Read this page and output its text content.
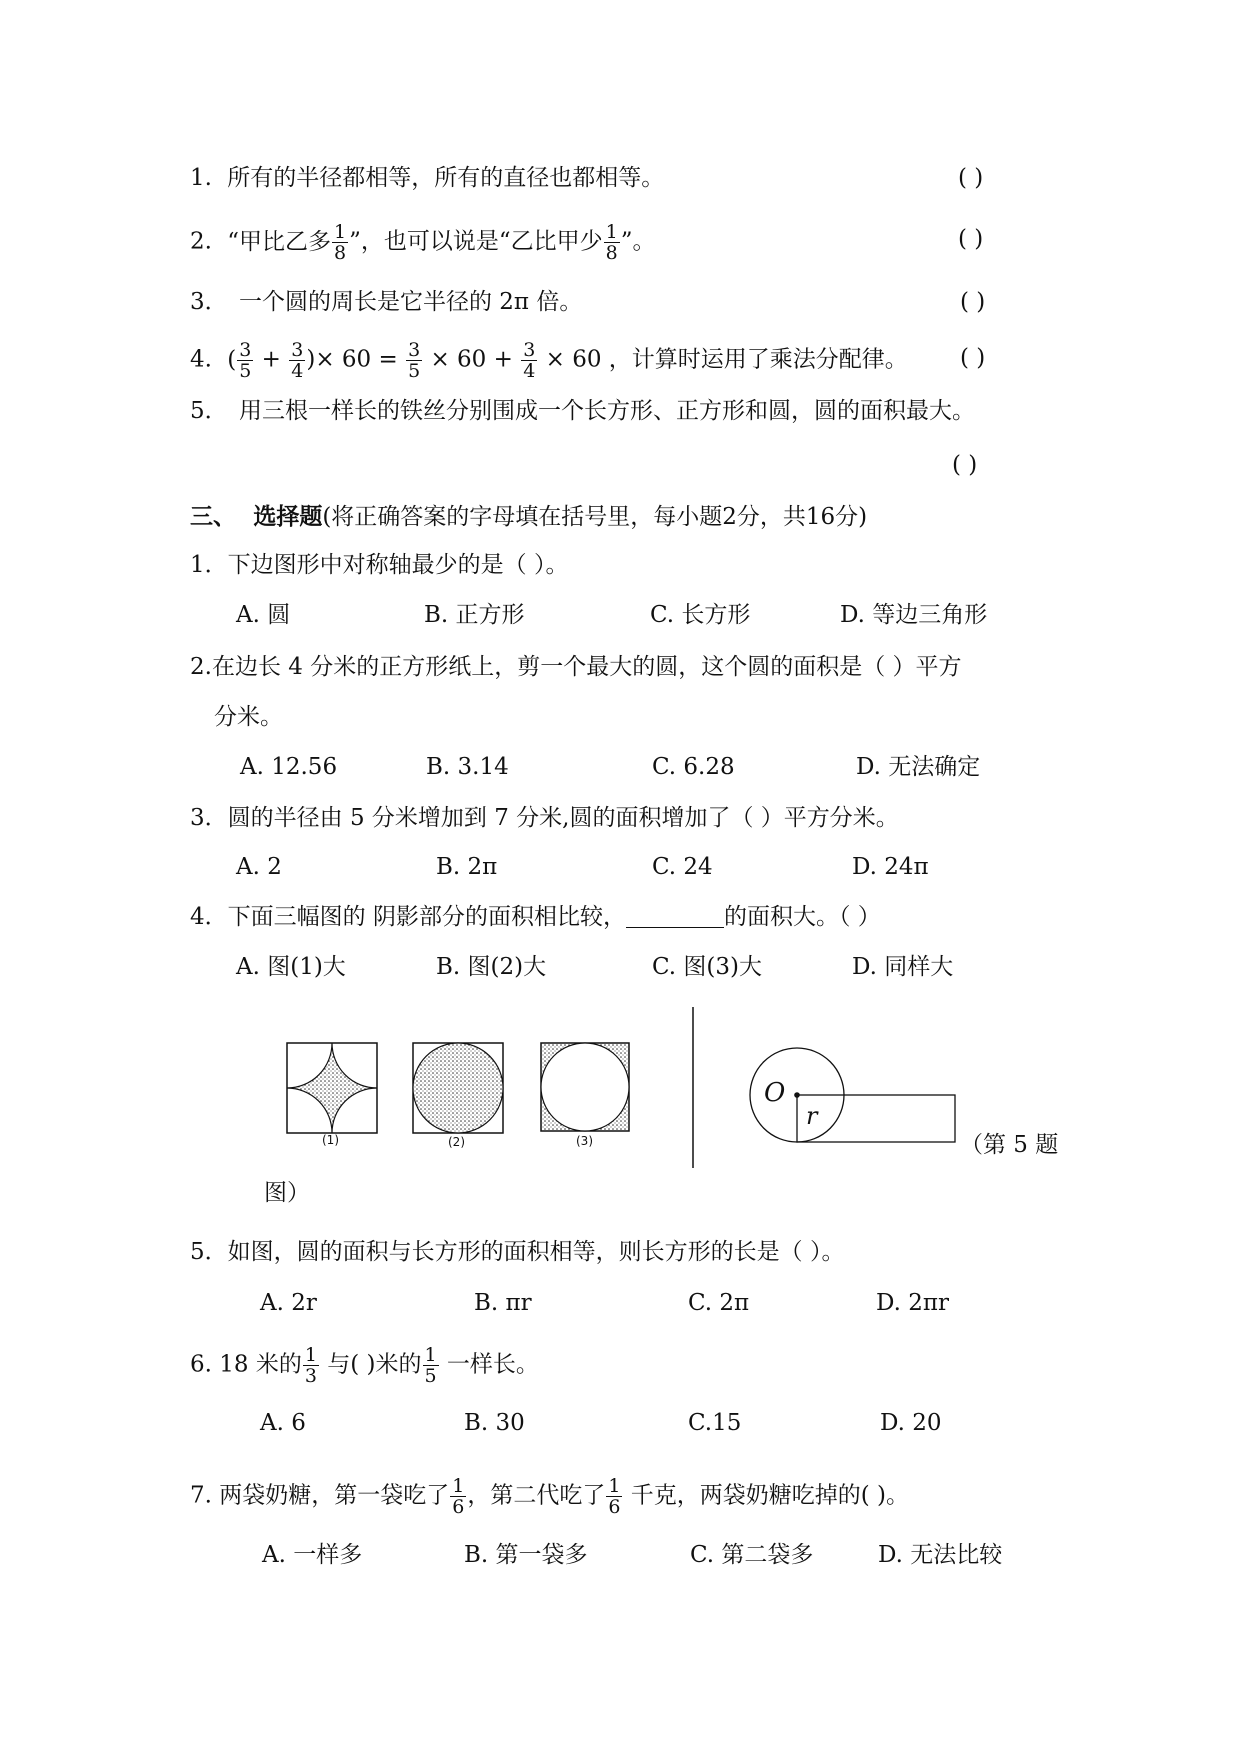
1. 所有的半径都相等，所有的直径也都相等。	( )
2. “甲比乙多 $\frac{1}{8}$ ”，也可以说是“乙比甲少 $\frac{1}{8}$ ”。	( )
3． 一个圆的周长是它半径的 2π 倍。	( )
4. ( $\frac{3}{5} + \frac{3}{4}$ )× $60 = \frac{3}{5} \times 60 + \frac{3}{4} \times 60$ ，计算时运用了乘法分配律。 ( )
5． 用三根一样长的铁丝分别围成一个长方形、正方形和圆，圆的面积最大。
( )
三、 选择题(将正确答案的字母填在括号里，每小题2分，共16分)
1．下边图形中对称轴最少的是（ ）。
A. 圆	B. 正方形	C. 长方形	D. 等边三角形
2.在边长 4 分米的正方形纸上，剪一个最大的圆，这个圆的面积是（ ）平方
分米。
A. 12.56	B. 3.14	C. 6.28	D. 无法确定
3．圆的半径由 5 分米增加到 7 分米,圆的面积增加了（ ）平方分米。
A. 2	B. 2π	C. 24	D. 24π
4．下面三幅图的 阴影部分的面积相比较，	的面积大。（ ）
A. 图(1)大	B. 图(2)大	C. 图(3)大	D. 同样大
(1)	(2)	(3)
O
r
（第 5 题
图）
5．如图，圆的面积与长方形的面积相等，则长方形的长是（ ）。
A. 2r	B. πr	C. 2π	D. 2πr
6. 18 米的 $\frac{1}{3}$ 与( )米的 $\frac{1}{5}$ 一样长。
A. 6	B. 30	C.15	D. 20
7. 两袋奶糖，第一袋吃了 $\frac{1}{6}$ ，第二代吃了 $\frac{1}{6}$ 千克，两袋奶糖吃掉的( )。
A. 一样多	B. 第一袋多	C. 第二袋多	D. 无法比较
